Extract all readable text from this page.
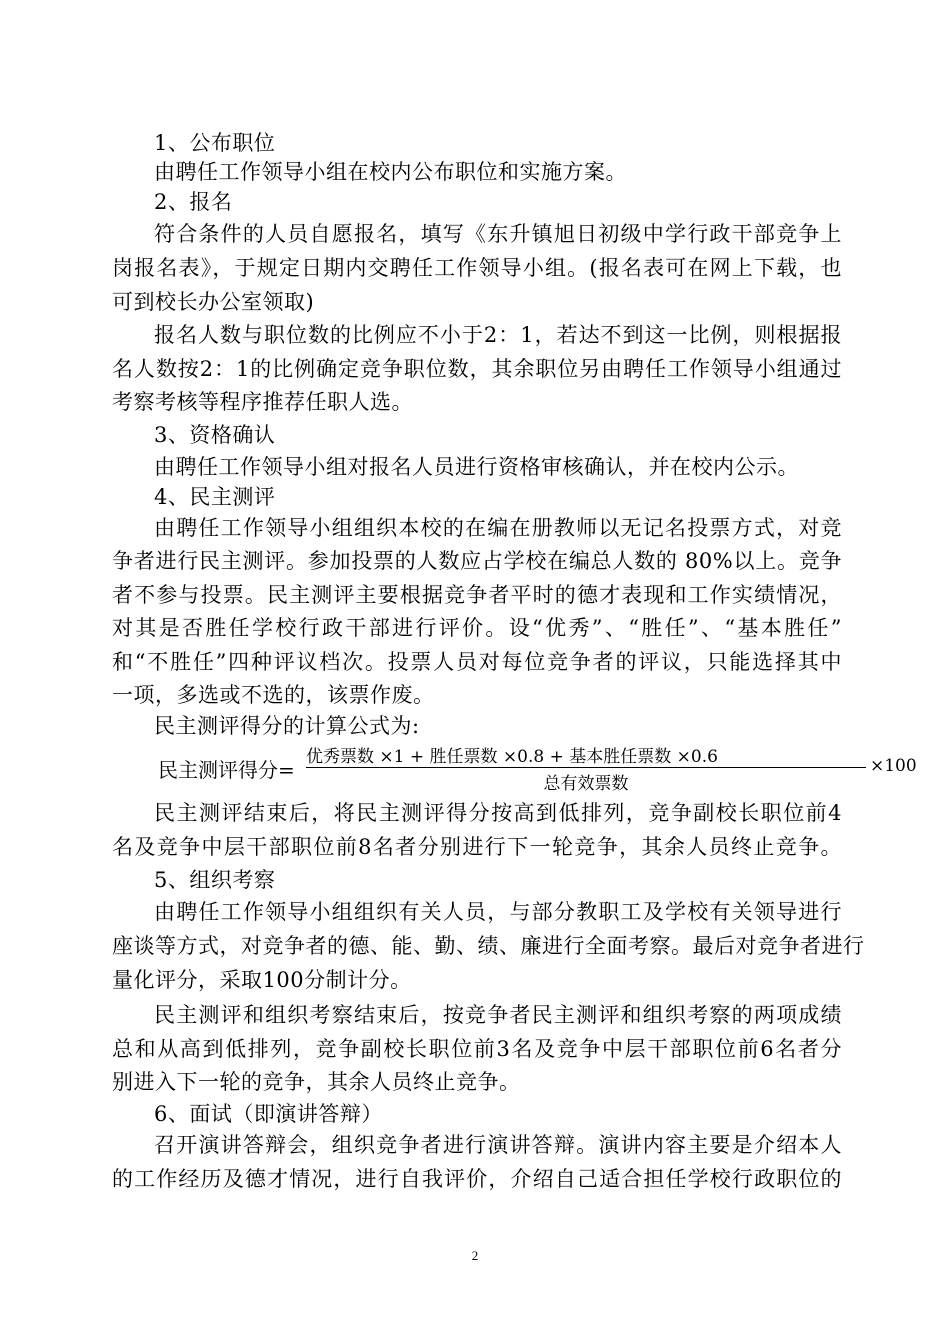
1、公布职位
由聘任工作领导小组在校内公布职位和实施方案。
2、报名
符合条件的人员自愿报名，填写《东升镇旭日初级中学行政干部竞争上
岗报名表》，于规定日期内交聘任工作领导小组。(报名表可在网上下载，也
可到校长办公室领取)
报名人数与职位数的比例应不小于2：1，若达不到这一比例，则根据报
名人数按2：1的比例确定竞争职位数，其余职位另由聘任工作领导小组通过
考察考核等程序推荐任职人选。
3、资格确认
由聘任工作领导小组对报名人员进行资格审核确认，并在校内公示。
4、民主测评
由聘任工作领导小组组织本校的在编在册教师以无记名投票方式，对竞
争者进行民主测评。参加投票的人数应占学校在编总人数的 80%以上。竞争
者不参与投票。民主测评主要根据竞争者平时的德才表现和工作实绩情况，
对其是否胜任学校行政干部进行评价。设“优秀”、“胜任”、“基本胜任”
和“不胜任”四种评议档次。投票人员对每位竞争者的评议，只能选择其中
一项，多选或不选的，该票作废。
民主测评得分的计算公式为:
民主测评得分=
优秀票数 ×1 + 胜任票数 ×0.8 + 基本胜任票数 ×0.6
总有效票数
×100
民主测评结束后，将民主测评得分按高到低排列，竞争副校长职位前4
名及竞争中层干部职位前8名者分别进行下一轮竞争，其余人员终止竞争。
5、组织考察
由聘任工作领导小组组织有关人员，与部分教职工及学校有关领导进行
座谈等方式，对竞争者的德、能、勤、绩、廉进行全面考察。最后对竞争者进行
量化评分，采取100分制计分。
民主测评和组织考察结束后，按竞争者民主测评和组织考察的两项成绩
总和从高到低排列，竞争副校长职位前3名及竞争中层干部职位前6名者分
别进入下一轮的竞争，其余人员终止竞争。
6、面试（即演讲答辩）
召开演讲答辩会，组织竞争者进行演讲答辩。演讲内容主要是介绍本人
的工作经历及德才情况，进行自我评价，介绍自己适合担任学校行政职位的
2
